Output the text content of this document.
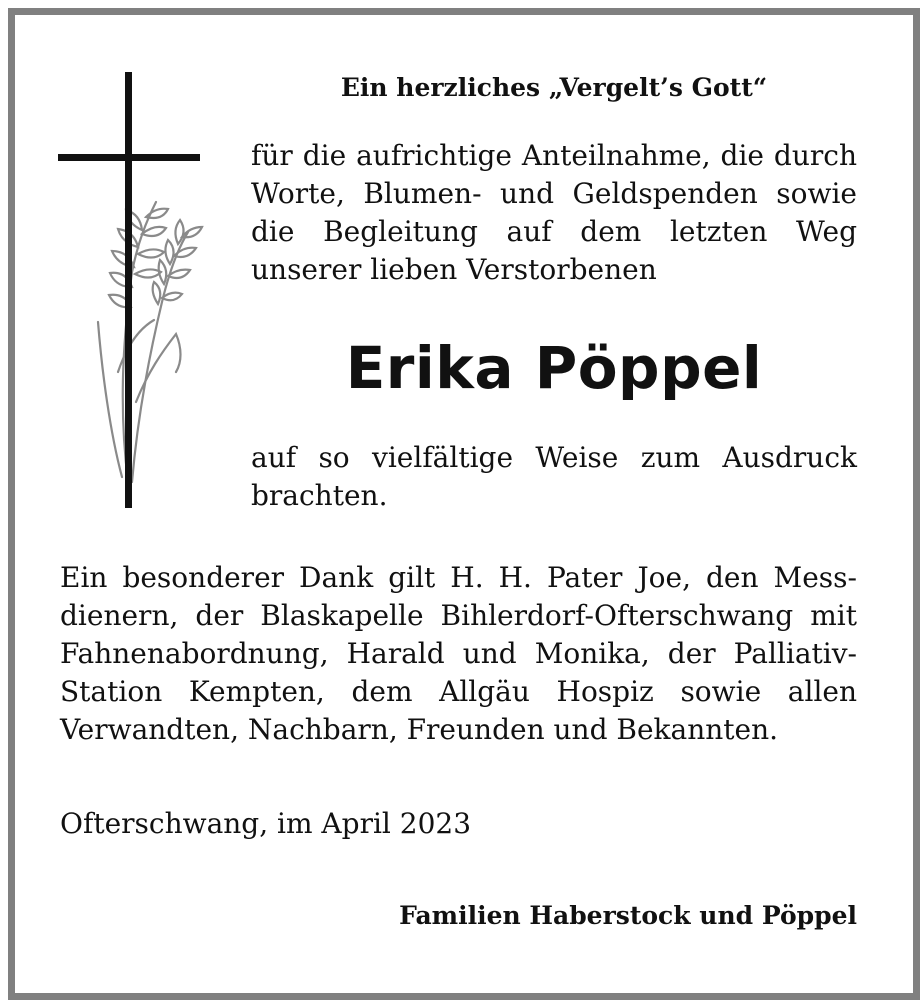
Ein herzliches „Vergelt’s Gott“
für die aufrichtige Anteilnahme, die durch
Worte, Blumen- und Geldspenden sowie
die Begleitung auf dem letzten Weg
unserer lieben Verstorbenen
Erika Pöppel
auf so vielfältige Weise zum Ausdruck
brachten.
Ein besonderer Dank gilt H. H. Pater Joe, den Mess-
dienern, der Blaskapelle Bihlerdorf-Ofterschwang mit
Fahnenabordnung, Harald und Monika, der Palliativ-
Station Kempten, dem Allgäu Hospiz sowie allen
Verwandten, Nachbarn, Freunden und Bekannten.
Ofterschwang, im April 2023
Familien Haberstock und Pöppel
